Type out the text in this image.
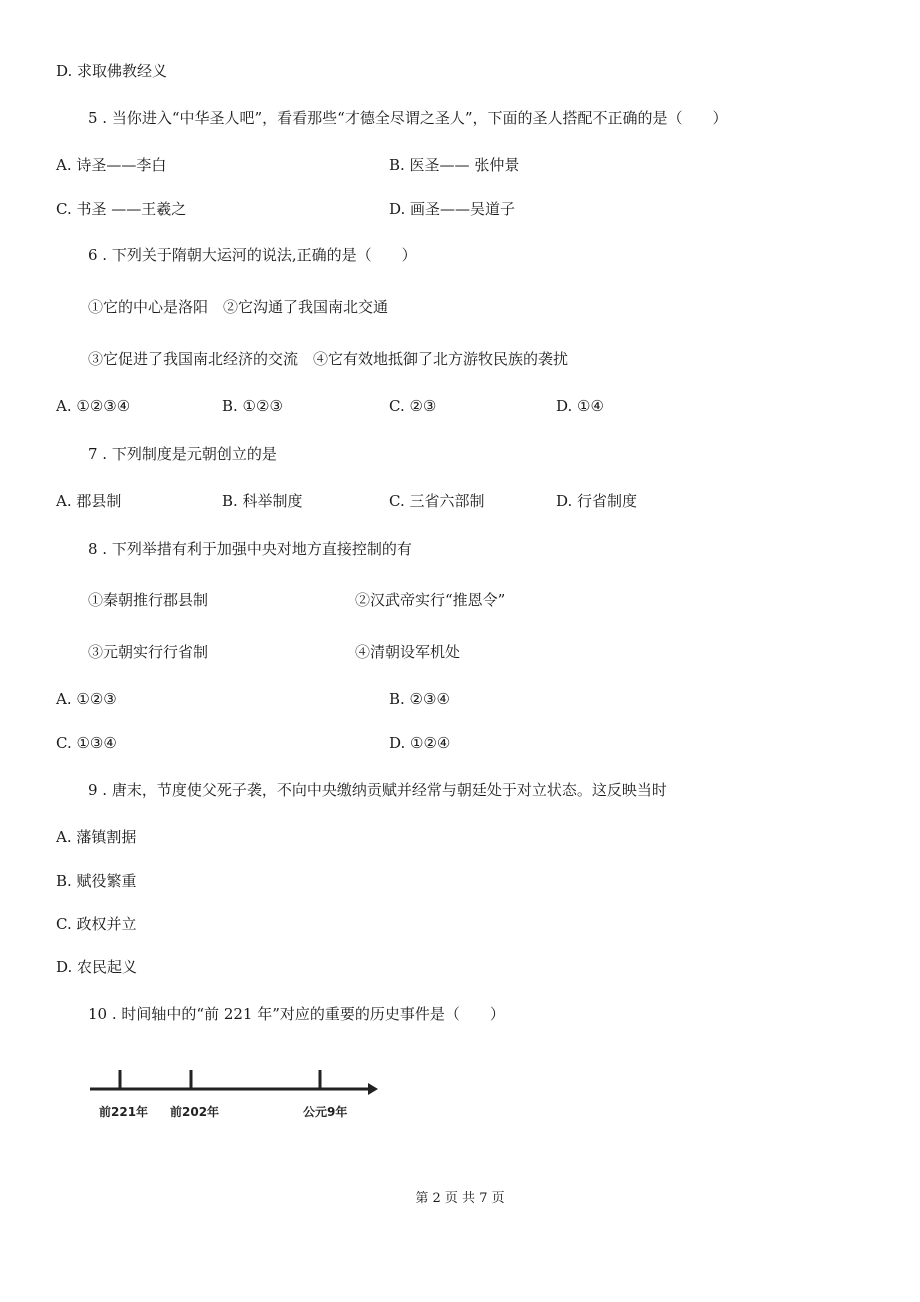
D. 求取佛教经义
5 . 当你进入“中华圣人吧”，看看那些“才德全尽谓之圣人”，下面的圣人搭配不正确的是（　　）
A. 诗圣——李白	B. 医圣—— 张仲景
C. 书圣 ——王羲之	D. 画圣——吴道子
6 . 下列关于隋朝大运河的说法,正确的是（　　）
①它的中心是洛阳　②它沟通了我国南北交通
③它促进了我国南北经济的交流　④它有效地抵御了北方游牧民族的袭扰
A. ①②③④	B. ①②③	C. ②③	D. ①④
7 . 下列制度是元朝创立的是
A. 郡县制	B. 科举制度	C. 三省六部制	D. 行省制度
8 . 下列举措有利于加强中央对地方直接控制的有
①秦朝推行郡县制	②汉武帝实行“推恩令”
③元朝实行行省制	④清朝设军机处
A. ①②③	B. ②③④
C. ①③④	D. ①②④
9 . 唐末，节度使父死子袭，不向中央缴纳贡赋并经常与朝廷处于对立状态。这反映当时
A. 藩镇割据
B. 赋役繁重
C. 政权并立
D. 农民起义
10 . 时间轴中的“前 221 年”对应的重要的历史事件是（　　）
前221年 前202年	公元9年
第 2 页 共 7 页
